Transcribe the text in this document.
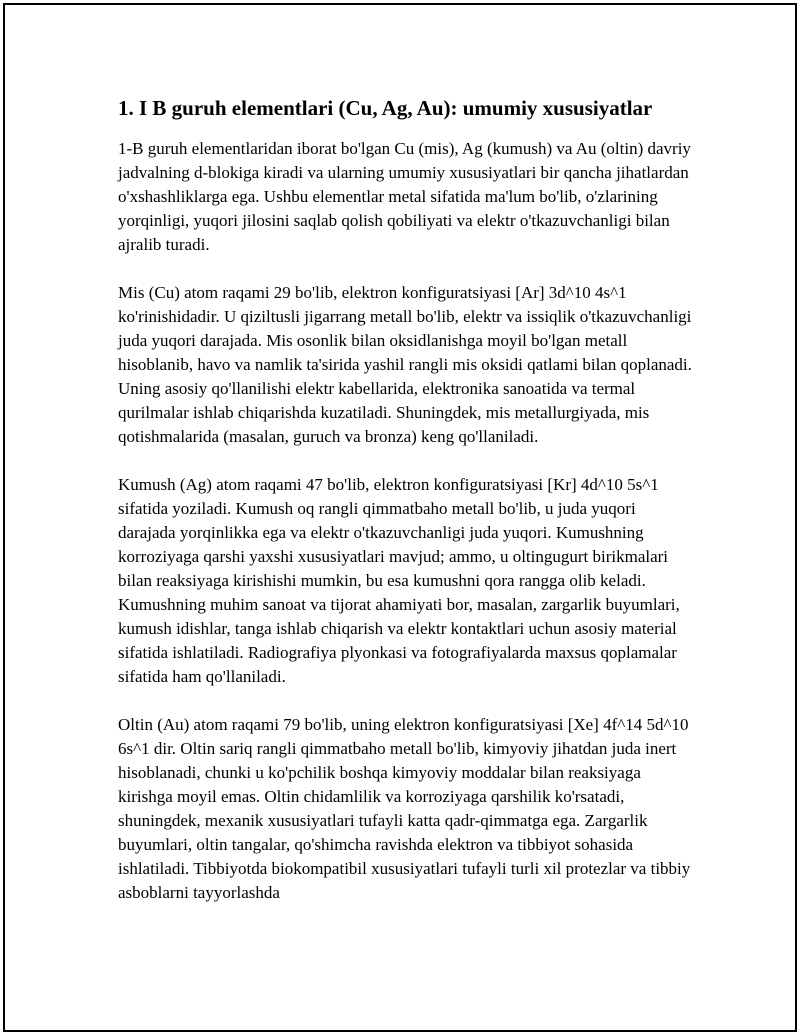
1. I B guruh elementlari (Cu, Ag, Au): umumiy xususiyatlar

1-B guruh elementlaridan iborat bo'lgan Cu (mis), Ag (kumush) va Au (oltin) davriy jadvalning d-blokiga kiradi va ularning umumiy xususiyatlari bir qancha jihatlardan o'xshashliklarga ega. Ushbu elementlar metal sifatida ma'lum bo'lib, o'zlarining yorqinligi, yuqori jilosini saqlab qolish qobiliyati va elektr o'tkazuvchanligi bilan ajralib turadi.

Mis (Cu) atom raqami 29 bo'lib, elektron konfiguratsiyasi [Ar] 3d^10 4s^1 ko'rinishidadir. U qiziltusli jigarrang metall bo'lib, elektr va issiqlik o'tkazuvchanligi juda yuqori darajada. Mis osonlik bilan oksidlanishga moyil bo'lgan metall hisoblanib, havo va namlik ta'sirida yashil rangli mis oksidi qatlami bilan qoplanadi. Uning asosiy qo'llanilishi elektr kabellarida, elektronika sanoatida va termal qurilmalar ishlab chiqarishda kuzatiladi. Shuningdek, mis metallurgiyada, mis qotishmalarida (masalan, guruch va bronza) keng qo'llaniladi.

Kumush (Ag) atom raqami 47 bo'lib, elektron konfiguratsiyasi [Kr] 4d^10 5s^1 sifatida yoziladi. Kumush oq rangli qimmatbaho metall bo'lib, u juda yuqori darajada yorqinlikka ega va elektr o'tkazuvchanligi juda yuqori. Kumushning korroziyaga qarshi yaxshi xususiyatlari mavjud; ammo, u oltingugurt birikmalari bilan reaksiyaga kirishishi mumkin, bu esa kumushni qora rangga olib keladi. Kumushning muhim sanoat va tijorat ahamiyati bor, masalan, zargarlik buyumlari, kumush idishlar, tanga ishlab chiqarish va elektr kontaktlari uchun asosiy material sifatida ishlatiladi. Radiografiya plyonkasi va fotografiyalarda maxsus qoplamalar sifatida ham qo'llaniladi.

Oltin (Au) atom raqami 79 bo'lib, uning elektron konfiguratsiyasi [Xe] 4f^14 5d^10 6s^1 dir. Oltin sariq rangli qimmatbaho metall bo'lib, kimyoviy jihatdan juda inert hisoblanadi, chunki u ko'pchilik boshqa kimyoviy moddalar bilan reaksiyaga kirishga moyil emas. Oltin chidamlilik va korroziyaga qarshilik ko'rsatadi, shuningdek, mexanik xususiyatlari tufayli katta qadr-qimmatga ega. Zargarlik buyumlari, oltin tangalar, qo'shimcha ravishda elektron va tibbiyot sohasida ishlatiladi. Tibbiyotda biokompatibil xususiyatlari tufayli turli xil protezlar va tibbiy asboblarni tayyorlashda
